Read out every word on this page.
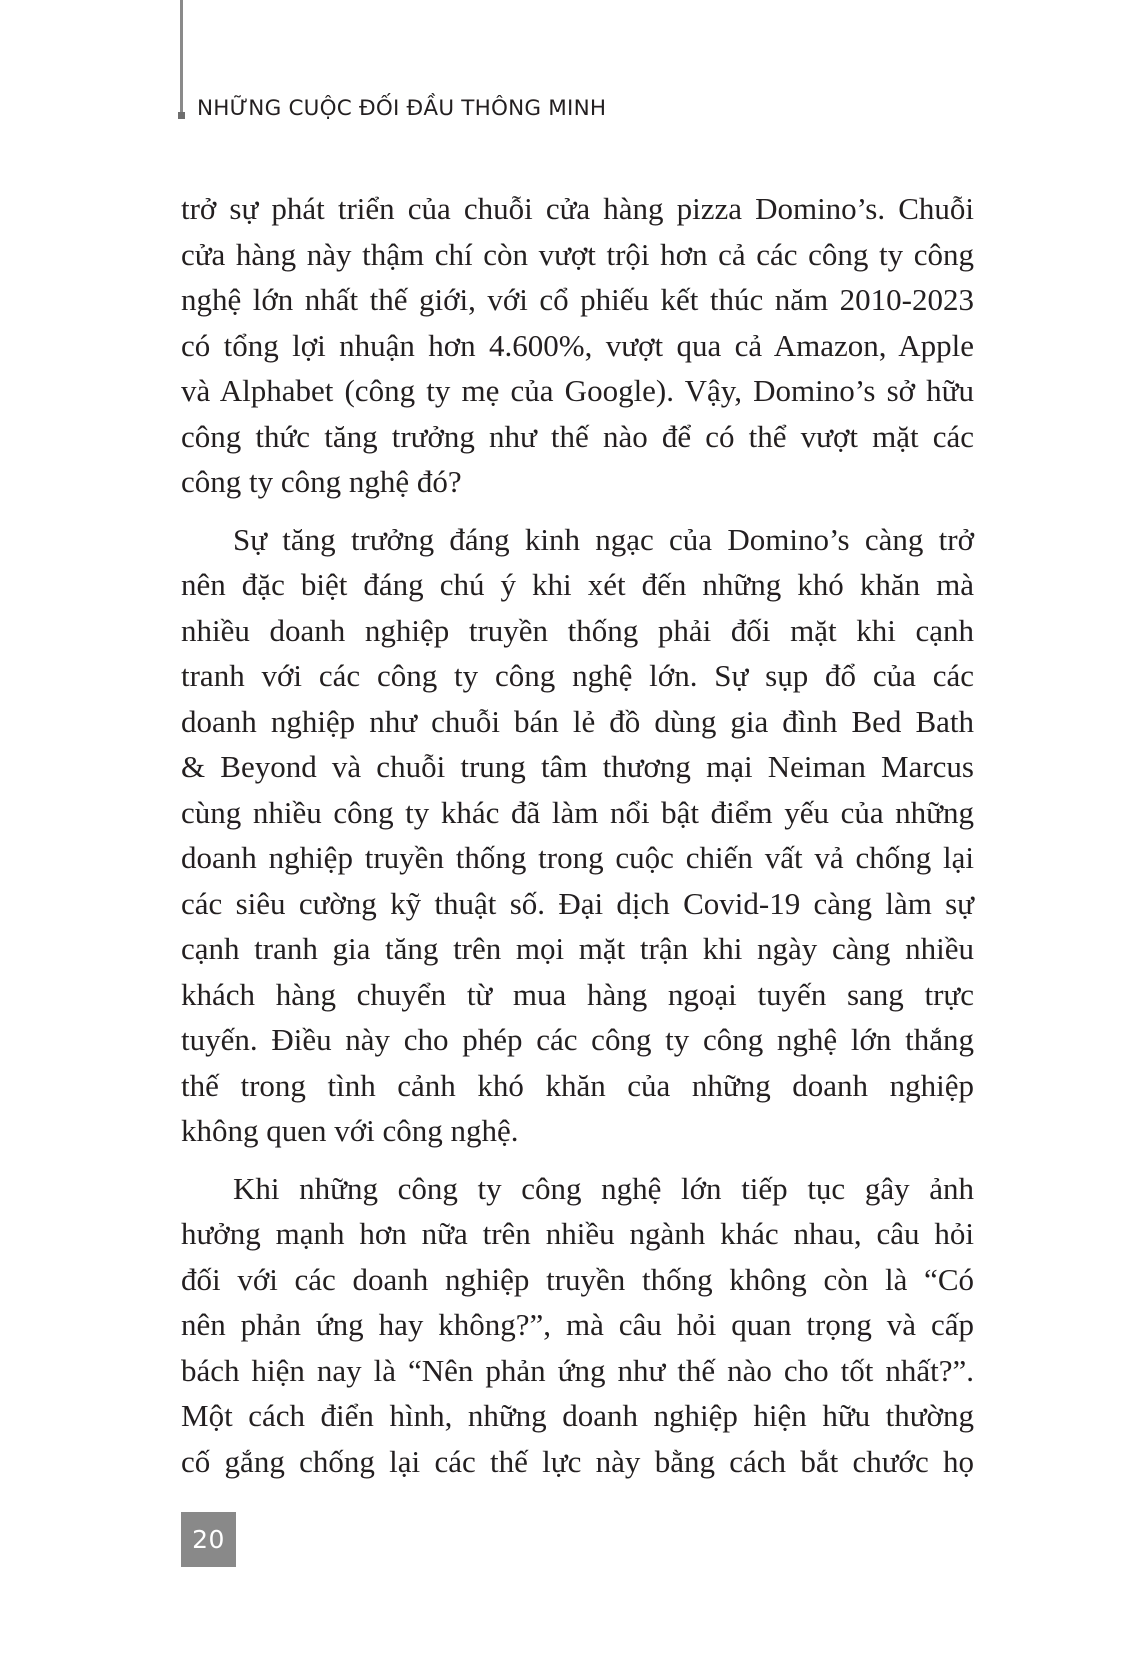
NHỮNG CUỘC ĐỐI ĐẦU THÔNG MINH
trở sự phát triển của chuỗi cửa hàng pizza Domino’s. Chuỗi
cửa hàng này thậm chí còn vượt trội hơn cả các công ty công
nghệ lớn nhất thế giới, với cổ phiếu kết thúc năm 2010-2023
có tổng lợi nhuận hơn 4.600%, vượt qua cả Amazon, Apple
và Alphabet (công ty mẹ của Google). Vậy, Domino’s sở hữu
công thức tăng trưởng như thế nào để có thể vượt mặt các
công ty công nghệ đó?
Sự tăng trưởng đáng kinh ngạc của Domino’s càng trở
nên đặc biệt đáng chú ý khi xét đến những khó khăn mà
nhiều doanh nghiệp truyền thống phải đối mặt khi cạnh
tranh với các công ty công nghệ lớn. Sự sụp đổ của các
doanh nghiệp như chuỗi bán lẻ đồ dùng gia đình Bed Bath
& Beyond và chuỗi trung tâm thương mại Neiman Marcus
cùng nhiều công ty khác đã làm nổi bật điểm yếu của những
doanh nghiệp truyền thống trong cuộc chiến vất vả chống lại
các siêu cường kỹ thuật số. Đại dịch Covid-19 càng làm sự
cạnh tranh gia tăng trên mọi mặt trận khi ngày càng nhiều
khách hàng chuyển từ mua hàng ngoại tuyến sang trực
tuyến. Điều này cho phép các công ty công nghệ lớn thắng
thế trong tình cảnh khó khăn của những doanh nghiệp
không quen với công nghệ.
Khi những công ty công nghệ lớn tiếp tục gây ảnh
hưởng mạnh hơn nữa trên nhiều ngành khác nhau, câu hỏi
đối với các doanh nghiệp truyền thống không còn là “Có
nên phản ứng hay không?”, mà câu hỏi quan trọng và cấp
bách hiện nay là “Nên phản ứng như thế nào cho tốt nhất?”.
Một cách điển hình, những doanh nghiệp hiện hữu thường
cố gắng chống lại các thế lực này bằng cách bắt chước họ
20
